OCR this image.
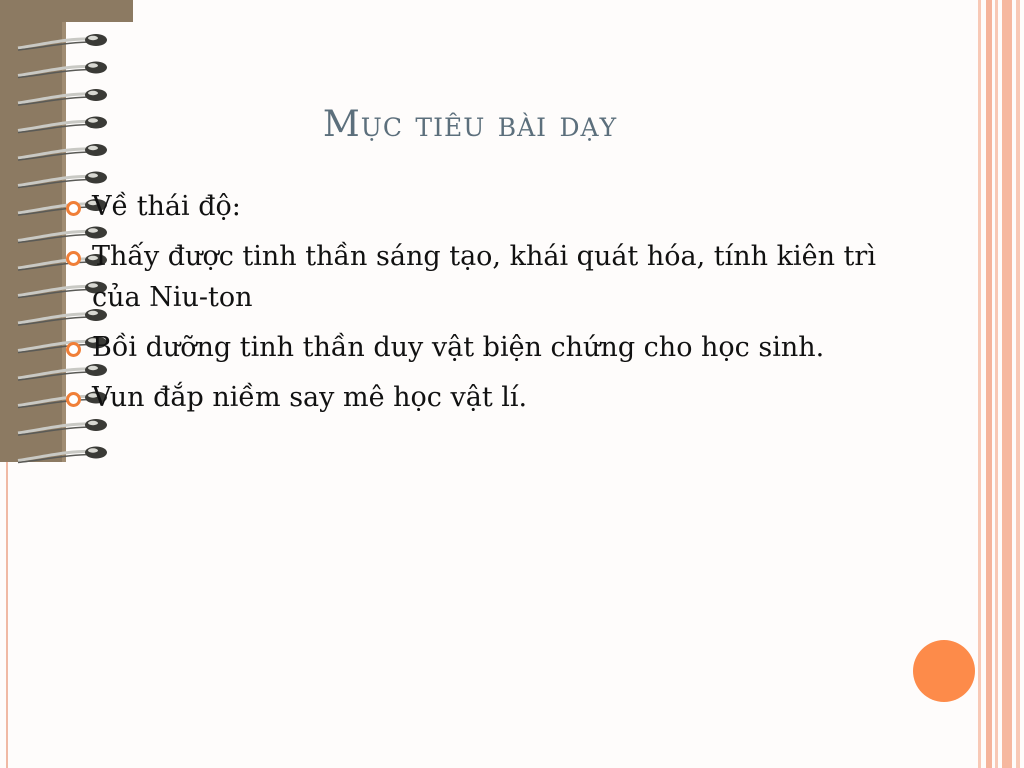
Mục tiêu bài dạy
Về thái độ:
Thấy được tinh thần sáng tạo, khái quát hóa, tính kiên trì của Niu-ton
Bồi dưỡng tinh thần duy vật biện chứng cho học sinh.
Vun đắp niềm say mê học vật lí.
